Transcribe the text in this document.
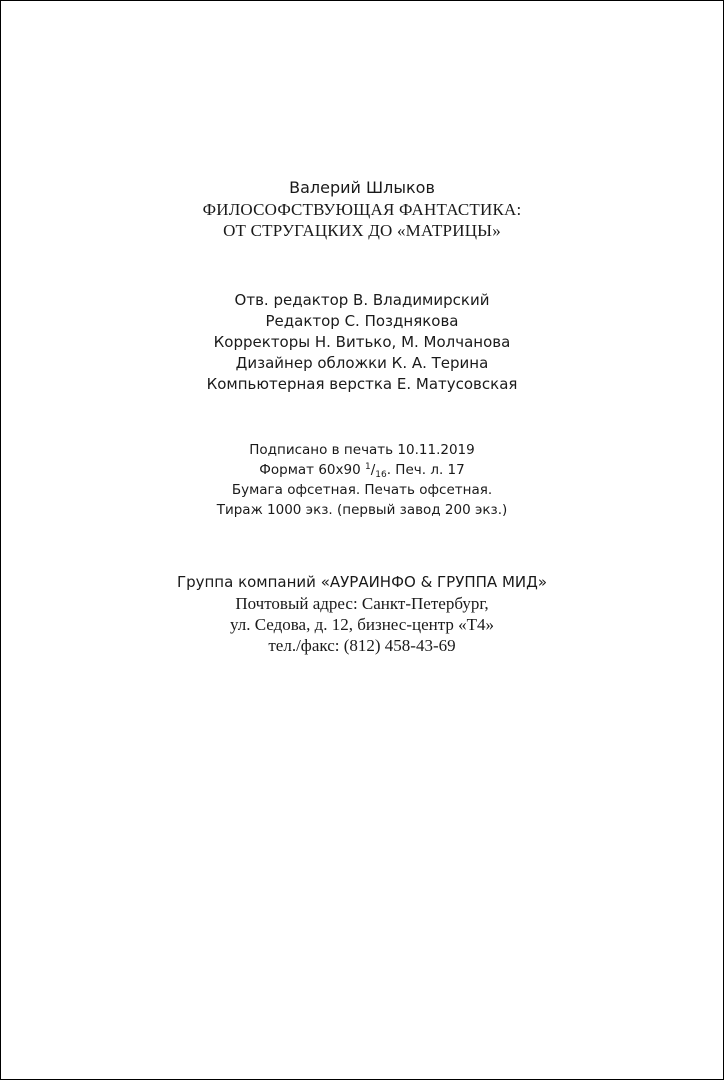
Валерий Шлыков
ФИЛОСОФСТВУЮЩАЯ ФАНТАСТИКА:
ОТ СТРУГАЦКИХ ДО «МАТРИЦЫ»
Отв. редактор В. Владимирский
Редактор С. Позднякова
Корректоры Н. Витько, М. Молчанова
Дизайнер обложки К. А. Терина
Компьютерная верстка Е. Матусовская
Подписано в печать 10.11.2019
Формат 60х90 $^1/_{16}$. Печ. л. 17
Бумага офсетная. Печать офсетная.
Тираж 1000 экз. (первый завод 200 экз.)
Группа компаний «АУРАИНФО & ГРУППА МИД»
Почтовый адрес: Санкт-Петербург,
ул. Седова, д. 12, бизнес-центр «Т4»
тел./факс: (812) 458-43-69
